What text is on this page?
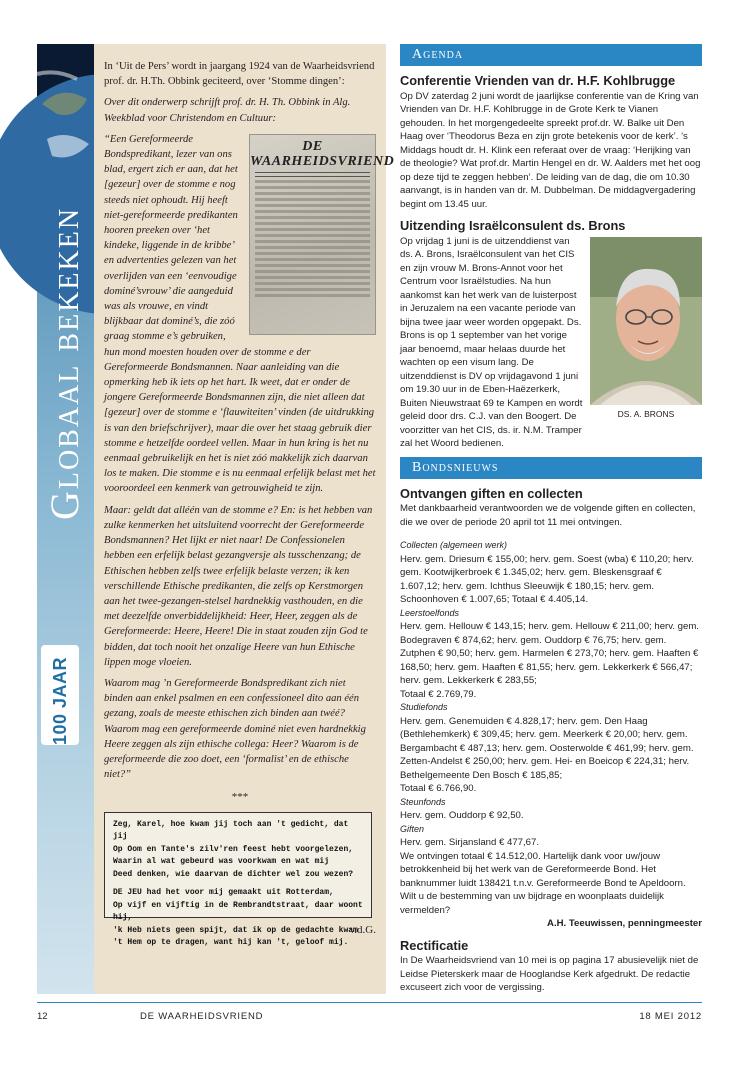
Globaal bekeken
100 JAAR

In ‘Uit de Pers’ wordt in jaargang 1924 van de Waarheidsvriend prof. dr. H.Th. Obbink geciteerd, over ‘Stomme dingen’:

Over dit onderwerp schrijft prof. dr. H. Th. Obbink in Alg. Weekblad voor Christendom en Cultuur:

DE WAARHEIDSVRIEND
“Een Gereformeerde Bondspredikant, lezer van ons blad, ergert zich er aan, dat het [gezeur] over de stomme e nog steeds niet ophoudt. Hij heeft niet-gereformeerde predikanten hooren preeken over ‘het kindeke, liggende in de kribbe’ en advertenties gelezen van het overlijden van een ‘eenvoudige dominé’svrouw’ die aangeduid was als vrouwe, en vindt blijkbaar dat dominé’s, die zóó graag stomme e’s gebruiken, hun mond moesten houden over de stomme e der Gereformeerde Bondsmannen. Naar aanleiding van die opmerking heb ik iets op het hart. Ik weet, dat er onder de jongere Gereformeerde Bondsmannen zijn, die niet alleen dat [gezeur] over de stomme e ‘flauwiteiten’ vinden (de uitdrukking is van den briefschrijver), maar die over het staag gebruik dier stomme e hetzelfde oordeel vellen. Maar in hun kring is het nu eenmaal gebruikelijk en het is niet zóó makkelijk zich daarvan los te maken. Die stomme e is nu eenmaal erfelijk belast met het vooroordeel een kenmerk van getrouwigheid te zijn.

Maar: geldt dat alléén van de stomme e? En: is het hebben van zulke kenmerken het uitsluitend voorrecht der Gereformeerde Bondsmannen? Het lijkt er niet naar! De Confessionelen hebben een erfelijk belast gezangversje als tusschenzang; de Ethischen hebben zelfs twee erfelijk belaste verzen; ik ken verschillende Ethische predikanten, die zelfs op Kerstmorgen aan het twee-gezangen-stelsel hardnekkig vasthouden, en die met deezelfde onverbiddelijkheid: Heer, Heer, zeggen als de Gereformeerde: Heere, Heere! Die in staat zouden zijn God te bidden, dat toch nooit het onzalige Heere van hun Ethische lippen moge vloeien.

Waarom mag ’n Gereformeerde Bondspredikant zich niet binden aan enkel psalmen en een confessioneel dito aan één gezang, zoals de meeste ethischen zich binden aan twéé? Waarom mag een gereformeerde dominé niet even hardnekkig Heere zeggen als zijn ethische collega: Heer? Waarom is de gereformeerde die zoo doet, een ‘formalist’ en de ethische niet?”

***
Zeg, Karel, hoe kwam jij toch aan 't gedicht, dat jij
Op Oom en Tante's zilv'ren feest hebt voorgelezen,
Waarin al wat gebeurd was voorkwam en wat mij
Deed denken, wie daarvan de dichter wel zou wezen?
DE JEU had het voor mij gemaakt uit Rotterdam,
Op vijf en vijftig in de Rembrandtstraat, daar woont hij,
'k Heb niets geen spijt, dat ik op de gedachte kwam
't Hem op te dragen, want hij kan 't, geloof mij.
v.d.G.
Agenda
Conferentie Vrienden van dr. H.F. Kohlbrugge

Op DV zaterdag 2 juni wordt de jaarlijkse conferentie van de Kring van Vrienden van Dr. H.F. Kohlbrugge in de Grote Kerk te Vianen gehouden. In het morgengedeelte spreekt prof.dr. W. Balke uit Den Haag over ‘Theodorus Beza en zijn grote betekenis voor de kerk’. ’s Middags houdt dr. H. Klink een referaat over de vraag: ‘Herijking van de theologie? Wat prof.dr. Martin Hengel en dr. W. Aalders met het oog op deze tijd te zeggen hebben’. De leiding van de dag, die om 10.30 aanvangt, is in handen van dr. M. Dubbelman. De middagvergadering begint om 13.45 uur.

Uitzending Israëlconsulent ds. Brons
DS. A. BRONS

Op vrijdag 1 juni is de uitzenddienst van ds. A. Brons, Israëlconsulent van het CIS en zijn vrouw M. Brons-Annot voor het Centrum voor Israëlstudies. Na hun aankomst kan het werk van de luisterpost in Jeruzalem na een vacante periode van bijna twee jaar weer worden opgepakt. Ds. Brons is op 1 september van het vorige jaar benoemd, maar helaas duurde het wachten op een visum lang. De uitzenddienst is DV op vrijdagavond 1 juni om 19.30 uur in de Eben-Haëzerkerk, Buiten Nieuwstraat 69 te Kampen en wordt geleid door drs. C.J. van den Boogert. De voorzitter van het CIS, ds. ir. N.M. Tramper zal het Woord bedienen.

Bondsnieuws
Ontvangen giften en collecten

Met dankbaarheid verantwoorden we de volgende giften en collecten, die we over de periode 20 april tot 11 mei ontvingen.

Collecten (algemeen werk)

Herv. gem. Driesum € 155,00; herv. gem. Soest (wba) € 110,20; herv. gem. Kootwijkerbroek € 1.345,02; herv. gem. Bleskensgraaf € 1.607,12; herv. gem. Ichthus Sleeuwijk € 180,15; herv. gem. Schoonhoven € 1.007,65; Totaal € 4.405,14.

Leerstoelfonds

Herv. gem. Hellouw € 143,15; herv. gem. Hellouw € 211,00; herv. gem. Bodegraven € 874,62; herv. gem. Ouddorp € 76,75; herv. gem. Zutphen € 90,50; herv. gem. Harmelen € 273,70; herv. gem. Haaften € 168,50; herv. gem. Haaften € 81,55; herv. gem. Lekkerkerk € 566,47; herv. gem. Lekkerkerk € 283,55;

Totaal € 2.769,79.

Studiefonds

Herv. gem. Genemuiden € 4.828,17; herv. gem. Den Haag (Bethlehemkerk) € 309,45; herv. gem. Meerkerk € 20,00; herv. gem. Bergambacht € 487,13; herv. gem. Oosterwolde € 461,99; herv. gem. Zetten-Andelst € 250,00; herv. gem. Hei- en Boeicop € 224,31; herv. Bethelgemeente Den Bosch € 185,85;

Totaal € 6.766,90.

Steunfonds

Herv. gem. Ouddorp € 92,50.

Giften

Herv. gem. Sirjansland € 477,67.

We ontvingen totaal € 14.512,00. Hartelijk dank voor uw/jouw betrokkenheid bij het werk van de Gereformeerde Bond. Het banknummer luidt 138421 t.n.v. Gereformeerde Bond te Apeldoorn. Wilt u de bestemming van uw bijdrage en woonplaats duidelijk vermelden?

A.H. Teeuwissen, penningmeester

Rectificatie

In De Waarheidsvriend van 10 mei is op pagina 17 abusievelijk niet de Leidse Pieterskerk maar de Hooglandse Kerk afgedrukt. De redactie excuseert zich voor de vergissing.

12	DE WAARHEIDSVRIEND	18 MEI 2012
